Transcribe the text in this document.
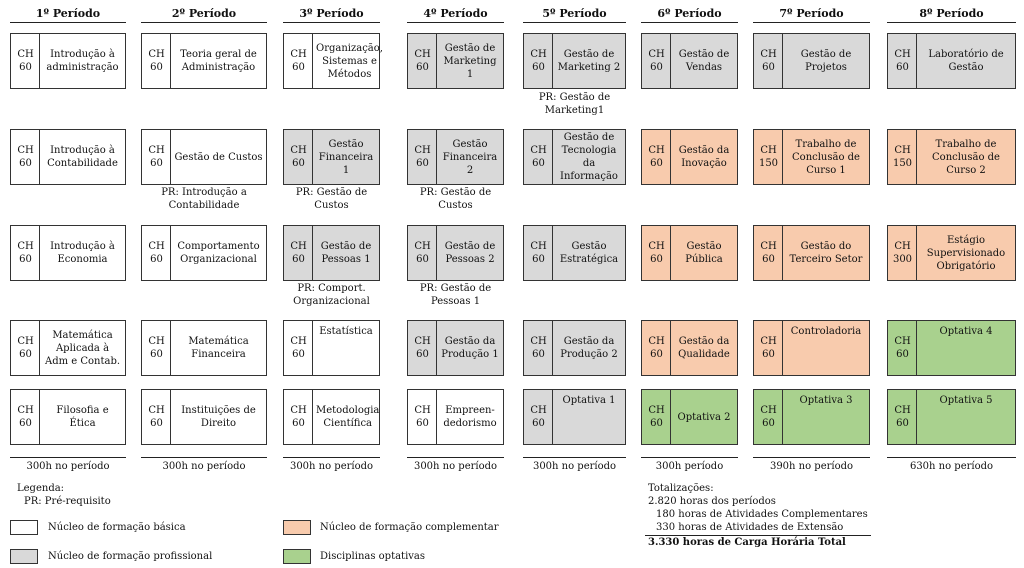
1º Período
CH 60
Introdução à administração
CH 60
Introdução à Contabilidade
CH 60
Introdução à Economia
CH 60
Matemática Aplicada à Adm e Contab.
CH 60
Filosofia e Ética
300h no período
2º Período
CH 60
Teoria geral de Administração
CH 60
Gestão de Custos
PR: Introdução a Contabilidade
CH 60
Comportamento Organizacional
CH 60
Matemática Financeira
CH 60
Instituições de Direito
300h no período
3º Período
CH 60
Organização, Sistemas e Métodos
CH 60
Gestão Financeira 1
PR: Gestão de Custos
CH 60
Gestão de Pessoas 1
PR: Comport. Organizacional
CH 60
Estatística
CH 60
Metodologia Científica
300h no período
4º Período
CH 60
Gestão de Marketing 1
CH 60
Gestão Financeira 2
PR: Gestão de Custos
CH 60
Gestão de Pessoas 2
PR: Gestão de Pessoas 1
CH 60
Gestão da Produção 1
CH 60
Empreen-dedorismo
300h no período
5º Período
CH 60
Gestão de Marketing 2
PR: Gestão de Marketing1
CH 60
Gestão de Tecnologia da Informação
CH 60
Gestão Estratégica
CH 60
Gestão da Produção 2
CH 60
Optativa 1
300h no período
6º Período
CH 60
Gestão de Vendas
CH 60
Gestão da Inovação
CH 60
Gestão Pública
CH 60
Gestão da Qualidade
CH 60
Optativa 2
300h período
7º Período
CH 60
Gestão de Projetos
CH 150
Trabalho de Conclusão de Curso 1
CH 60
Gestão do Terceiro Setor
CH 60
Controladoria
CH 60
Optativa 3
390h no período
8º Período
CH 60
Laboratório de Gestão
CH 150
Trabalho de Conclusão de Curso 2
CH 300
Estágio Supervisionado Obrigatório
CH 60
Optativa 4
CH 60
Optativa 5
630h no período
Legenda:
PR: Pré-requisito
Núcleo de formação básica
Núcleo de formação profissional
Núcleo de formação complementar
Disciplinas optativas
Totalizações:
2.820 horas dos períodos
180 horas de Atividades Complementares
330 horas de Atividades de Extensão
3.330 horas de Carga Horária Total
